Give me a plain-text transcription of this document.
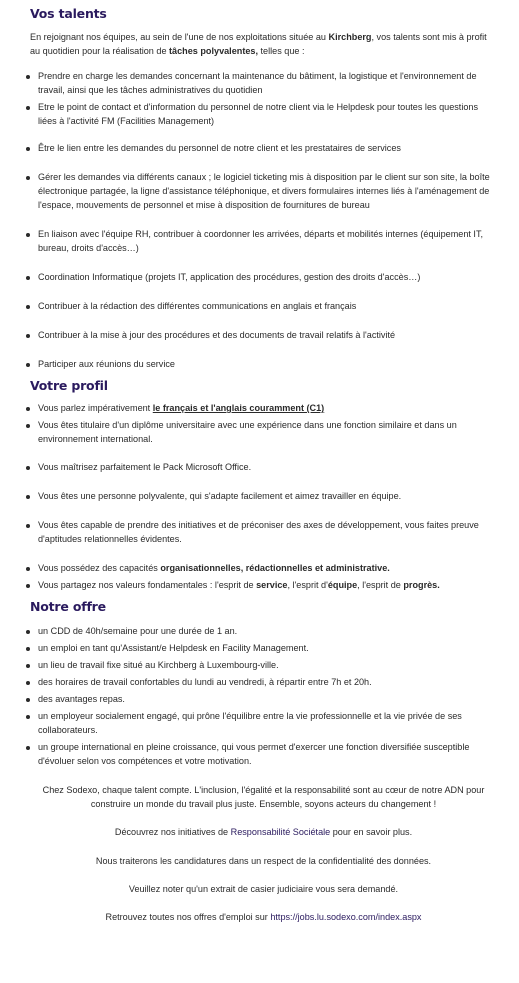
Vos talents

En rejoignant nos équipes, au sein de l'une de nos exploitations située au Kirchberg, vos talents sont mis à profit au quotidien pour la réalisation de tâches polyvalentes, telles que :

Prendre en charge les demandes concernant la maintenance du bâtiment, la logistique et l'environnement de travail, ainsi que les tâches administratives du quotidien
Etre le point de contact et d'information du personnel de notre client via le Helpdesk pour toutes les questions liées à l'activité FM (Facilities Management)
Être le lien entre les demandes du personnel de notre client et les prestataires de services
Gérer les demandes via différents canaux ; le logiciel ticketing mis à disposition par le client sur son site, la boîte électronique partagée, la ligne d'assistance téléphonique, et divers formulaires internes liés à l'aménagement de l'espace, mouvements de personnel et mise à disposition de fournitures de bureau
En liaison avec l'équipe RH, contribuer à coordonner les arrivées, départs et mobilités internes (équipement IT, bureau, droits d'accès…)
Coordination Informatique (projets IT, application des procédures, gestion des droits d'accès…)
Contribuer à la rédaction des différentes communications en anglais et français
Contribuer à la mise à jour des procédures et des documents de travail relatifs à l'activité
Participer aux réunions du service
Votre profil
Vous parlez impérativement le français et l'anglais couramment (C1)
Vous êtes titulaire d'un diplôme universitaire avec une expérience dans une fonction similaire et dans un environnement international.
Vous maîtrisez parfaitement le Pack Microsoft Office.
Vous êtes une personne polyvalente, qui s'adapte facilement et aimez travailler en équipe.
Vous êtes capable de prendre des initiatives et de préconiser des axes de développement, vous faites preuve d'aptitudes relationnelles évidentes.
Vous possédez des capacités organisationnelles, rédactionnelles et administrative.
Vous partagez nos valeurs fondamentales : l'esprit de service, l'esprit d'équipe, l'esprit de progrès.
Notre offre
un CDD de 40h/semaine pour une durée de 1 an.
un emploi en tant qu'Assistant/e Helpdesk en Facility Management.
un lieu de travail fixe situé au Kirchberg à Luxembourg-ville.
des horaires de travail confortables du lundi au vendredi, à répartir entre 7h et 20h.
des avantages repas.
un employeur socialement engagé, qui prône l'équilibre entre la vie professionnelle et la vie privée de ses collaborateurs.
un groupe international en pleine croissance, qui vous permet d'exercer une fonction diversifiée susceptible d'évoluer selon vos compétences et votre motivation.

Chez Sodexo, chaque talent compte. L'inclusion, l'égalité et la responsabilité sont au cœur de notre ADN pour construire un monde du travail plus juste. Ensemble, soyons acteurs du changement !

Découvrez nos initiatives de Responsabilité Sociétale pour en savoir plus.

Nous traiterons les candidatures dans un respect de la confidentialité des données.

Veuillez noter qu'un extrait de casier judiciaire vous sera demandé.

Retrouvez toutes nos offres d'emploi sur https://jobs.lu.sodexo.com/index.aspx
